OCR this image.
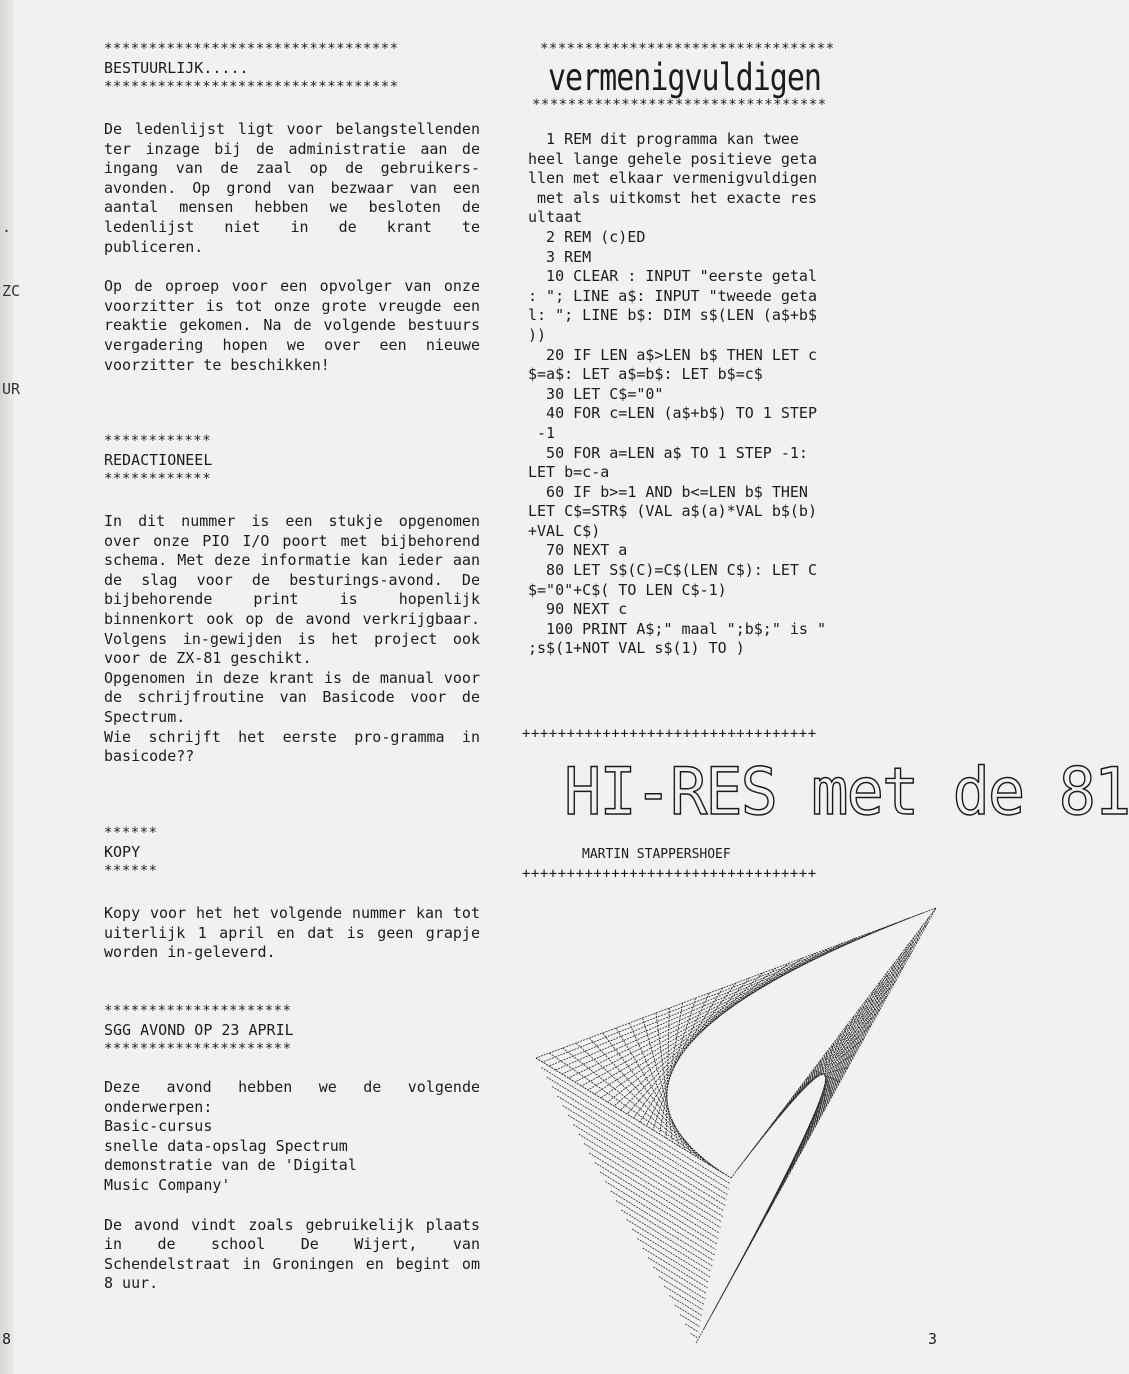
.
ZC
UR
*********************************
BESTUURLIJK.....
*********************************

De ledenlijst ligt voor belangstellenden ter inzage bij de administratie aan de ingang van de zaal op de gebruikers-avonden. Op grond van bezwaar van een aantal mensen hebben we besloten de ledenlijst niet in de krant te publiceren.

Op de oproep voor een opvolger van onze voorzitter is tot onze grote vreugde een reaktie gekomen. Na de volgende bestuurs vergadering hopen we over een nieuwe voorzitter te beschikken!

************
REDACTIONEEL
************

In dit nummer is een stukje opgenomen over onze PIO I/O poort met bijbehorend schema. Met deze informatie kan ieder aan de slag voor de besturings-avond. De bijbehorende print is hopenlijk binnenkort ook op de avond verkrijgbaar. Volgens in-gewijden is het project ook voor de ZX-81 geschikt.

Opgenomen in deze krant is de manual voor de schrijfroutine van Basicode voor de Spectrum.

Wie schrijft het eerste pro-gramma in basicode??

******
KOPY
******

Kopy voor het het volgende nummer kan tot uiterlijk 1 april en dat is geen grapje worden in-geleverd.

*********************
SGG AVOND OP 23 APRIL
*********************

Deze avond hebben we de volgende onderwerpen:

Basic-cursus
snelle data-opslag Spectrum
demonstratie van de 'Digital
Music Company'

De avond vindt zoals gebruikelijk plaats in de school De Wijert, van Schendelstraat in Groningen en begint om 8 uur.

*********************************
vermenigvuldigen
*********************************
1 REM dit programma kan twee
heel lange gehele positieve geta
llen met elkaar vermenigvuldigen
met als uitkomst het exacte res
ultaat
2 REM (c)ED
3 REM
10 CLEAR : INPUT "eerste getal
: "; LINE a$: INPUT "tweede geta
l: "; LINE b$: DIM s$(LEN (a$+b$
))
20 IF LEN a$>LEN b$ THEN LET c
$=a$: LET a$=b$: LET b$=c$
30 LET C$="0"
40 FOR c=LEN (a$+b$) TO 1 STEP
-1
50 FOR a=LEN a$ TO 1 STEP -1:
LET b=c-a
60 IF b>=1 AND b<=LEN b$ THEN
LET C$=STR$ (VAL a$(a)*VAL b$(b)
+VAL C$)
70 NEXT a
80 LET S$(C)=C$(LEN C$): LET C
$="0"+C$( TO LEN C$-1)
90 NEXT c
100 PRINT A$;" maal ";b$;" is "
;s$(1+NOT VAL s$(1) TO )
+++++++++++++++++++++++++++++++++
HI-RES met de 81
MARTIN STAPPERSHOEF
+++++++++++++++++++++++++++++++++
8	3
